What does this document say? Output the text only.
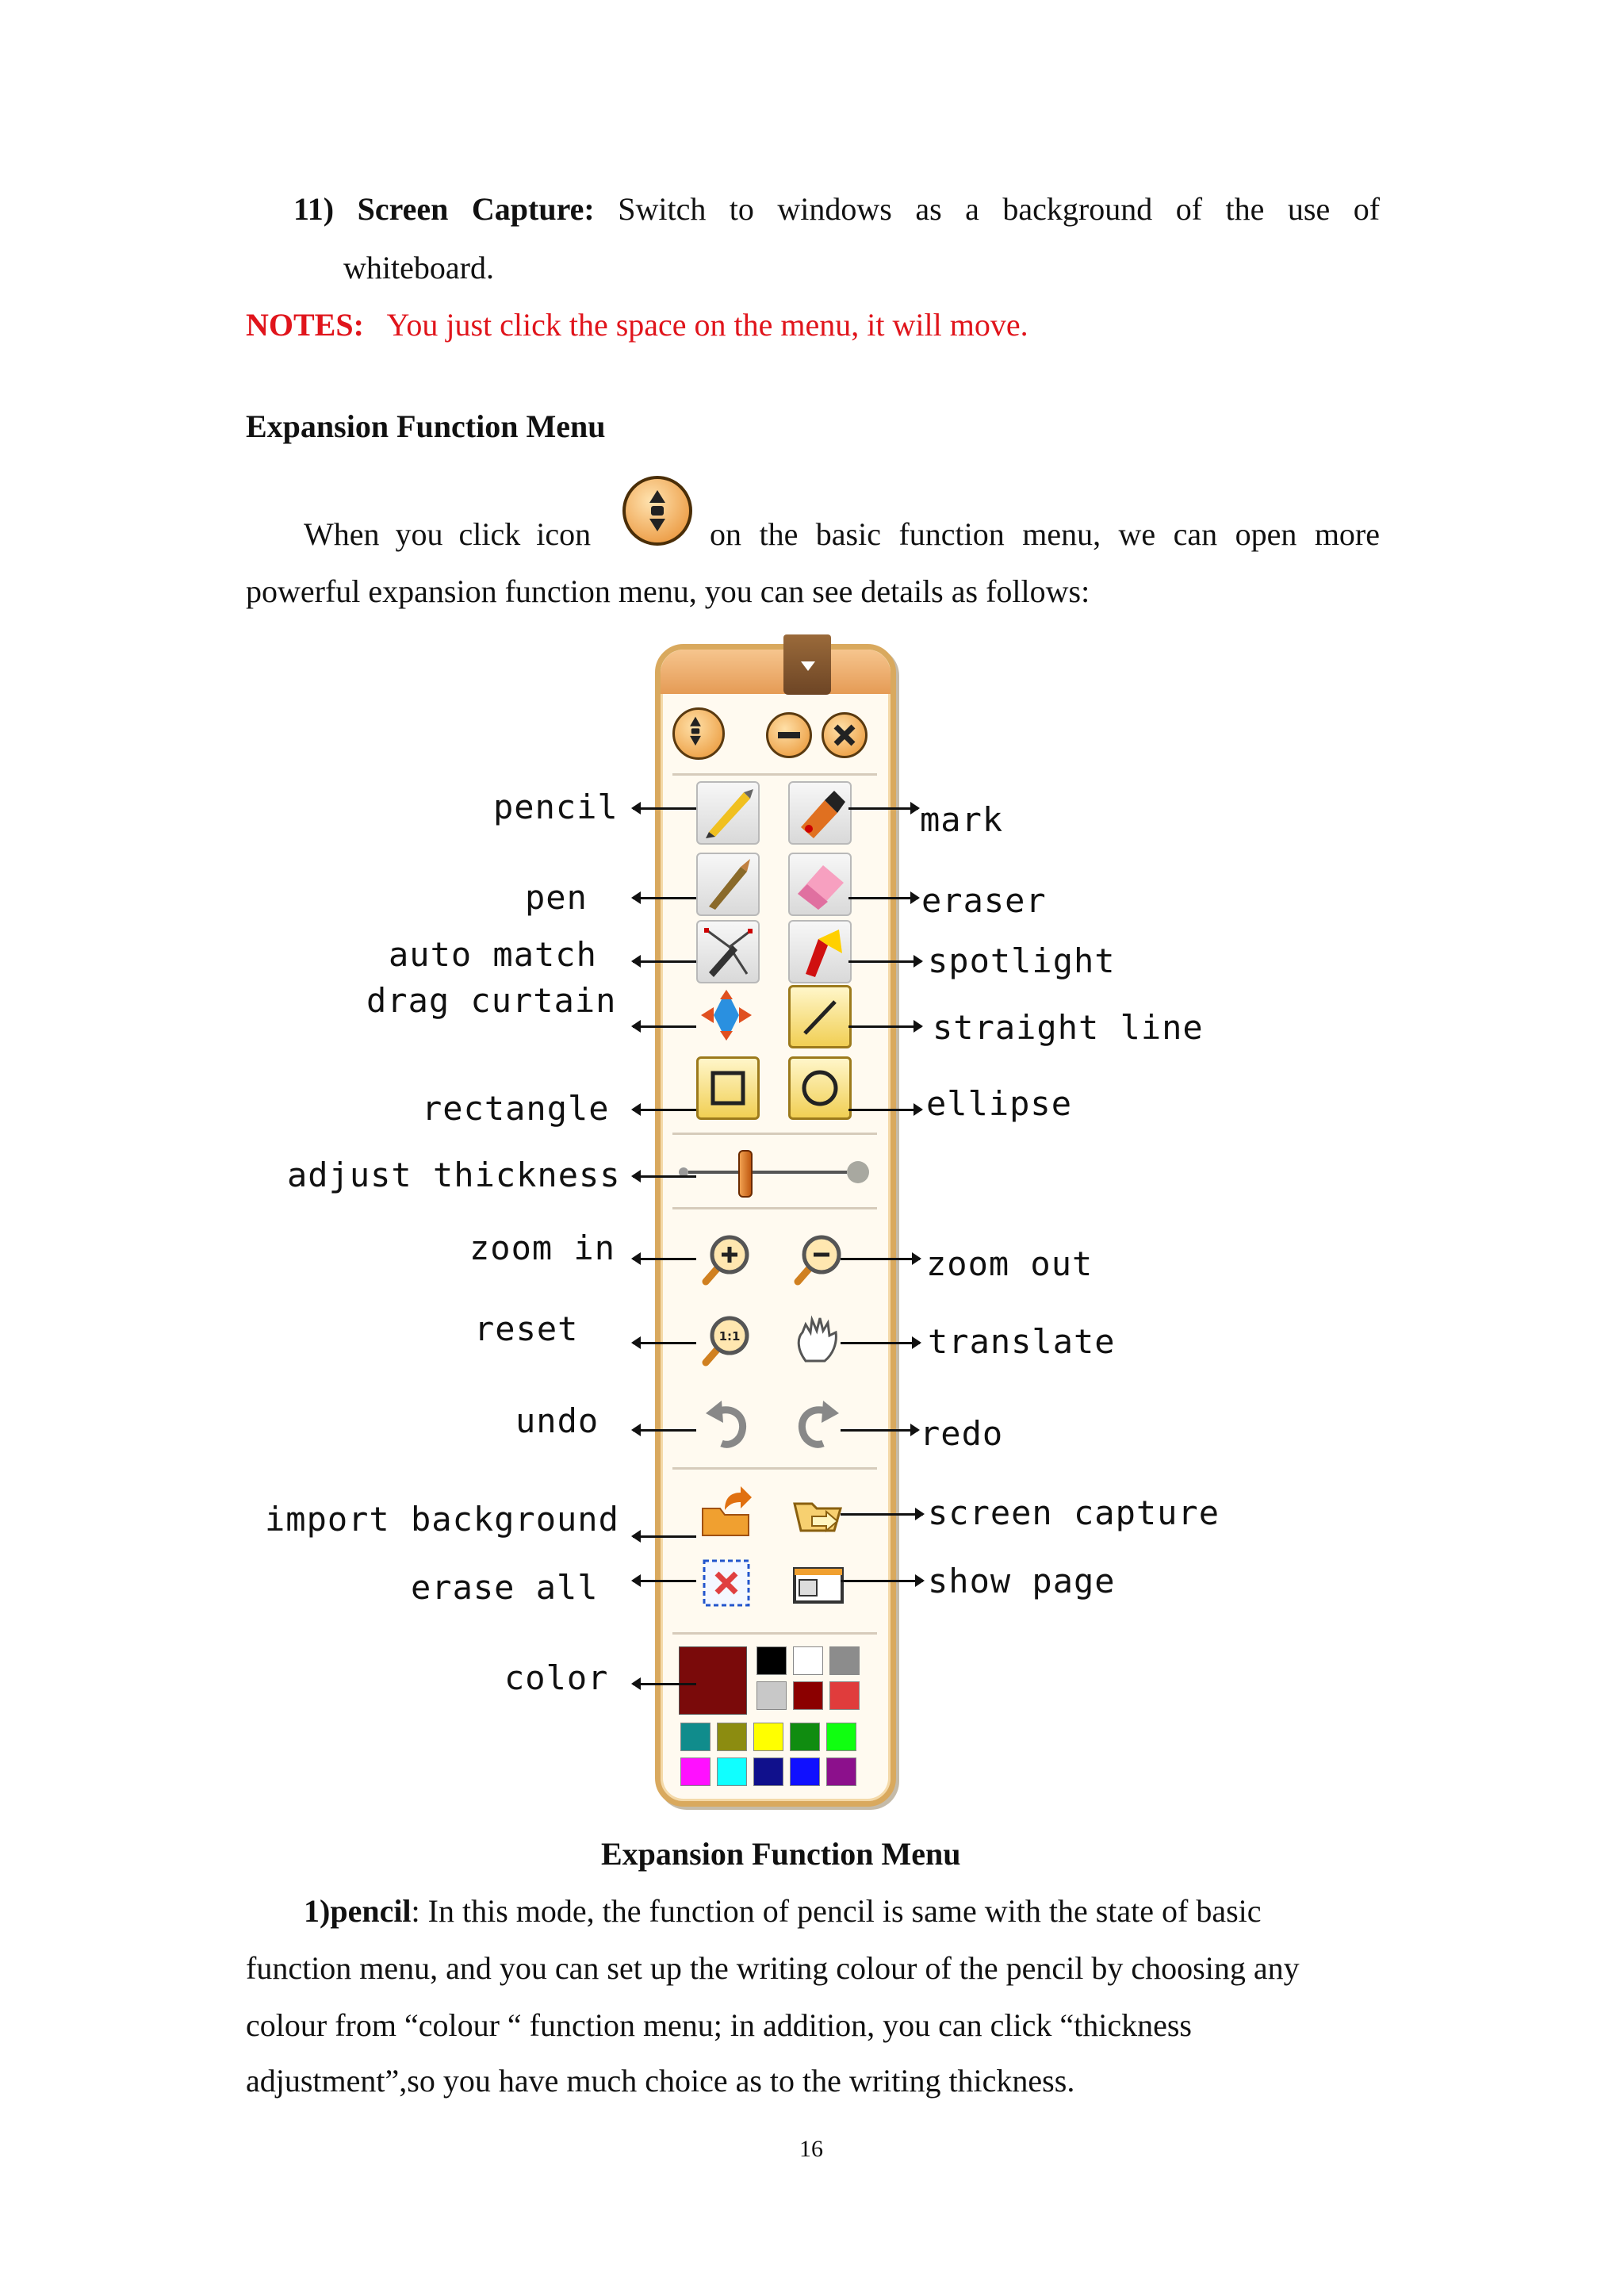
11) Screen Capture: Switch to windows as a background of the use of
whiteboard.
NOTES: You just click the space on the menu, it will move.
Expansion Function Menu
When you click icon	on the basic function menu, we can open more
powerful expansion function menu, you can see details as follows:
1:1
pencil
pen
auto match
drag curtain
rectangle
adjust thickness
zoom in
reset
undo
import background
erase all
color
mark
eraser
spotlight
straight line
ellipse
zoom out
translate
redo
screen capture
show page
Expansion Function Menu
1)pencil: In this mode, the function of pencil is same with the state of basic
function menu, and you can set up the writing colour of the pencil by choosing any
colour from “colour “ function menu; in addition, you can click “thickness
adjustment”,so you have much choice as to the writing thickness.
16
